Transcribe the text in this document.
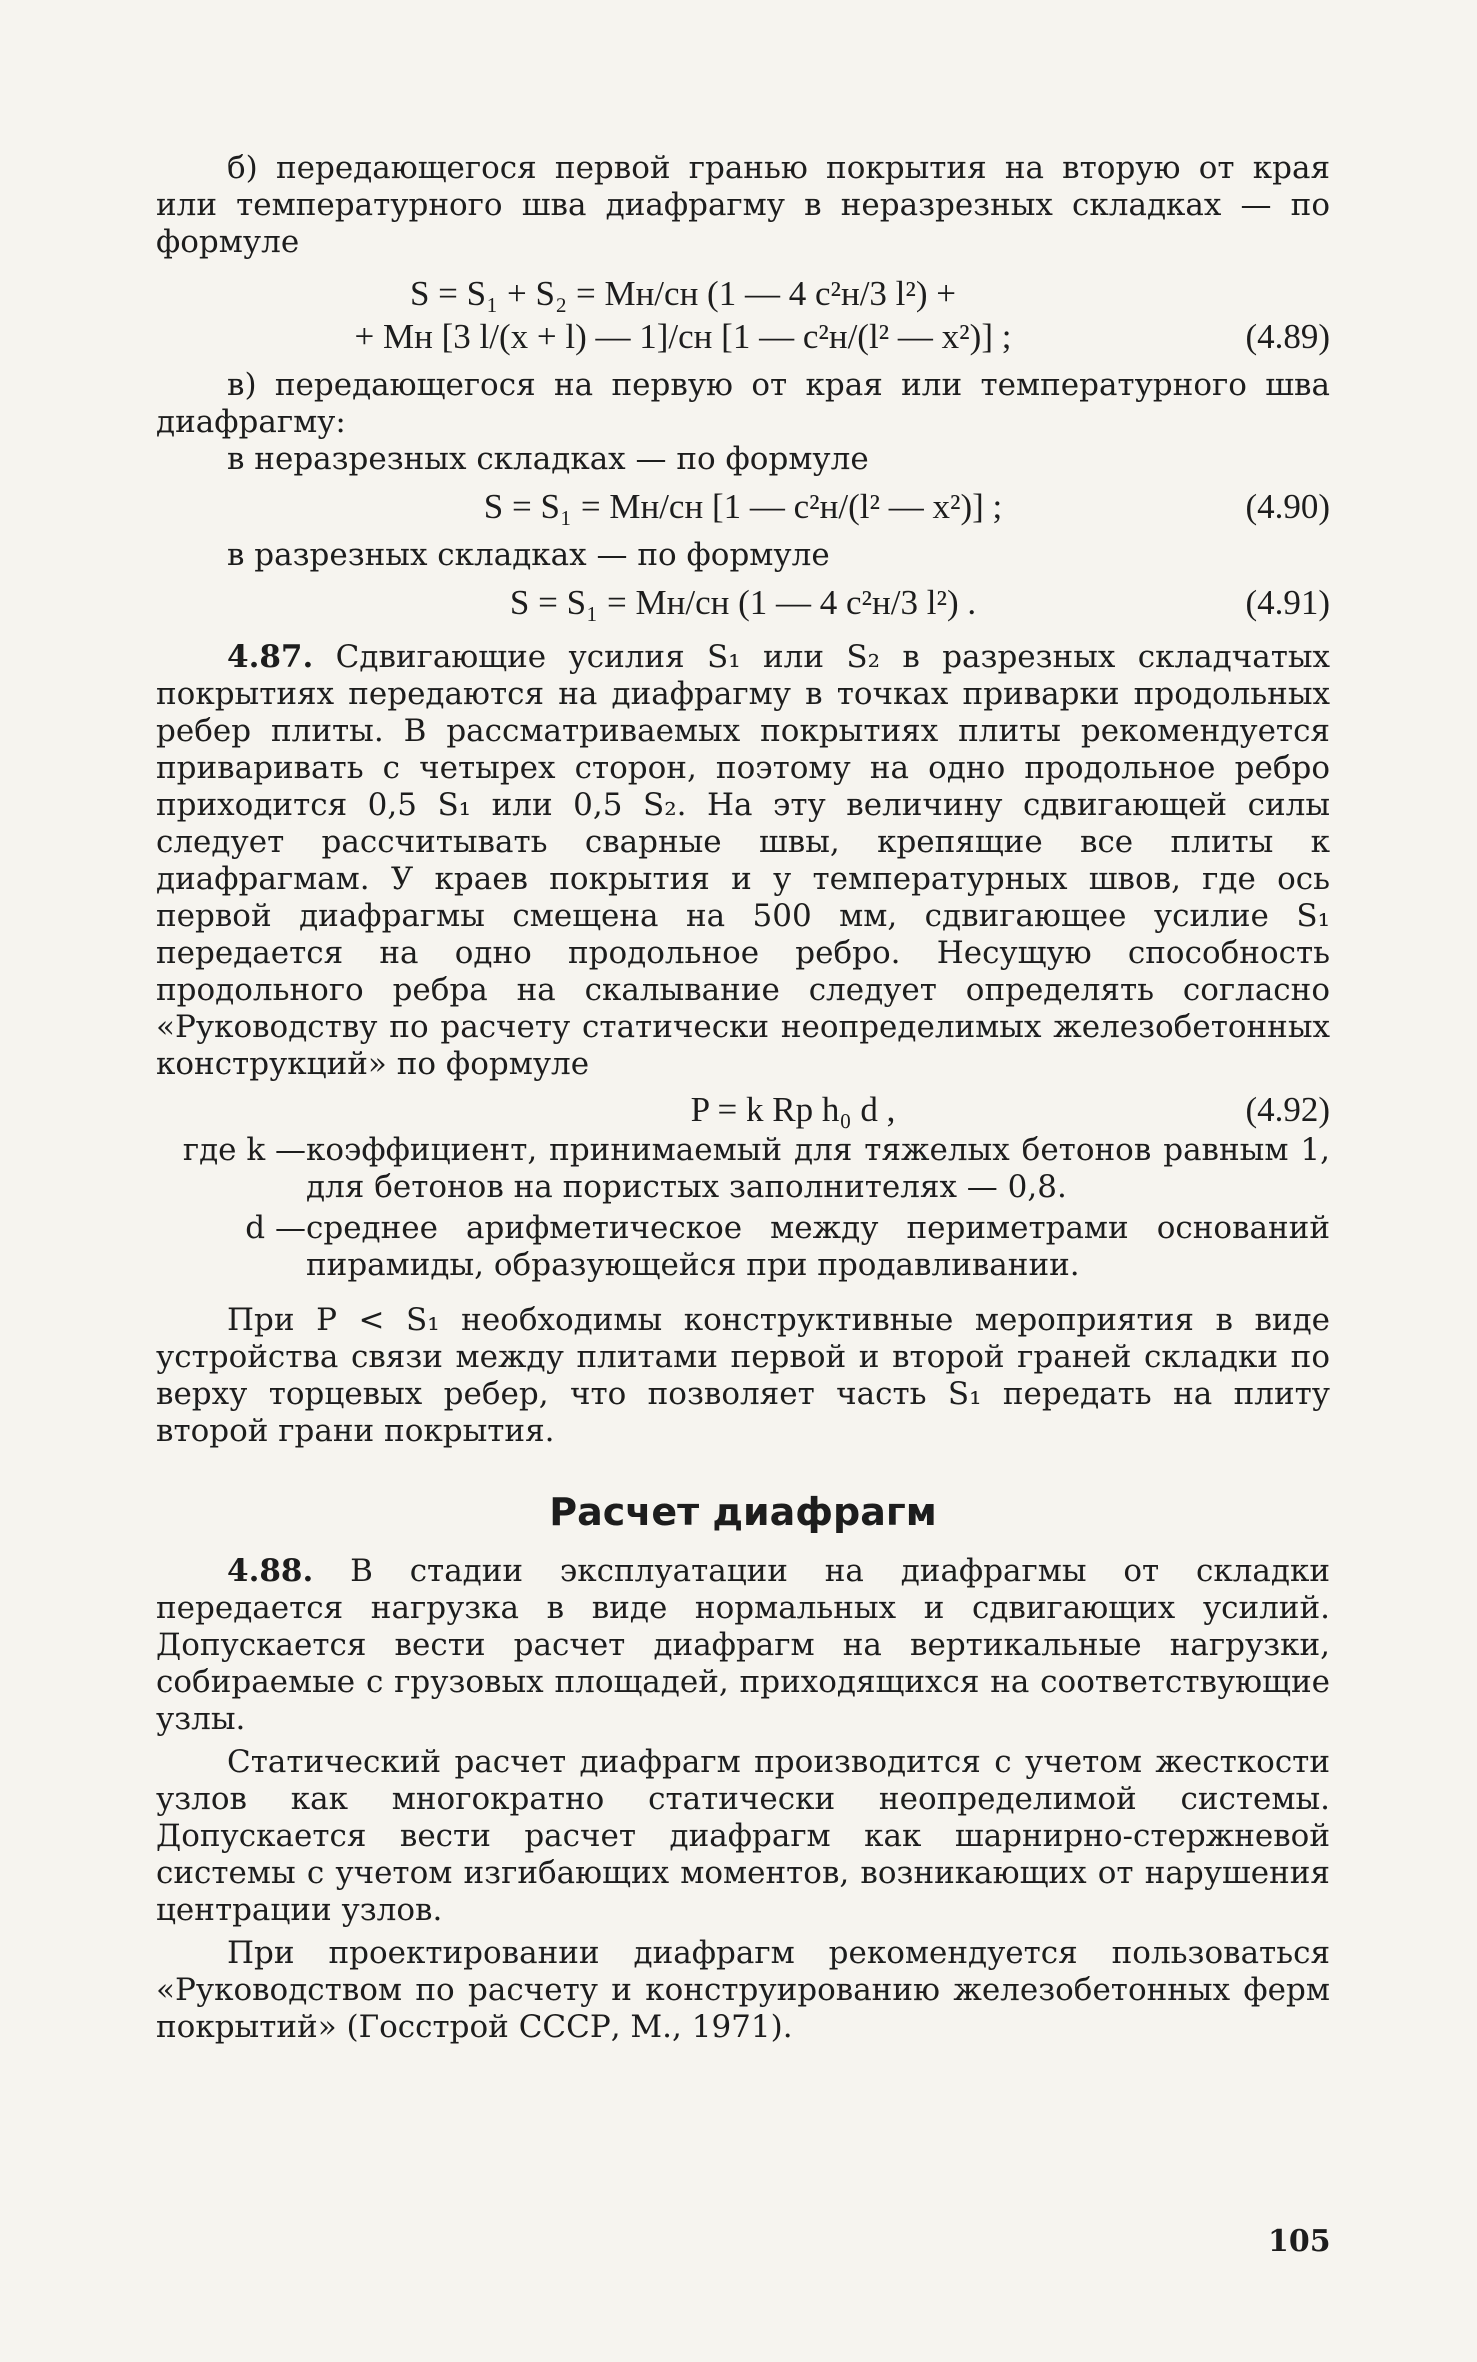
б) передающегося первой гранью покрытия на вторую от края или температурного шва диафрагму в неразрезных складках — по формуле

S = S₁ + S₂ = Mн/cн (1 — 4 c²н/3 l²) +
+ Mн [3 l/(x + l) — 1]/cн [1 — c²н/(l² — x²)] ;	(4.89)

в) передающегося на первую от края или температурного шва диафрагму:

в неразрезных складках — по формуле

S = S₁ = Mн/cн [1 — c²н/(l² — x²)] ;	(4.90)

в разрезных складках — по формуле

S = S₁ = Mн/cн (1 — 4 c²н/3 l²) .	(4.91)

4.87. Сдвигающие усилия S₁ или S₂ в разрезных складчатых покрытиях передаются на диафрагму в точках приварки продольных ребер плиты. В рассматриваемых покрытиях плиты рекомендуется приваривать с четырех сторон, поэтому на одно продольное ребро приходится 0,5 S₁ или 0,5 S₂. На эту величину сдвигающей силы следует рассчитывать сварные швы, крепящие все плиты к диафрагмам. У краев покрытия и у температурных швов, где ось первой диафрагмы смещена на 500 мм, сдвигающее усилие S₁ передается на одно продольное ребро. Несущую способность продольного ребра на скалывание следует определять согласно «Руководству по расчету статически неопределимых железобетонных конструкций» по формуле

P = k Rp h₀ d ,	(4.92)
где k — коэффициент, принимаемый для тяжелых бетонов равным 1, для бетонов на пористых заполнителях — 0,8.
d — среднее арифметическое между периметрами оснований пирамиды, образующейся при продавливании.

При P < S₁ необходимы конструктивные мероприятия в виде устройства связи между плитами первой и второй граней складки по верху торцевых ребер, что позволяет часть S₁ передать на плиту второй грани покрытия.

Расчет диафрагм

4.88. В стадии эксплуатации на диафрагмы от складки передается нагрузка в виде нормальных и сдвигающих усилий. Допускается вести расчет диафрагм на вертикальные нагрузки, собираемые с грузовых площадей, приходящихся на соответствующие узлы.

Статический расчет диафрагм производится с учетом жесткости узлов как многократно статически неопределимой системы. Допускается вести расчет диафрагм как шарнирно-стержневой системы с учетом изгибающих моментов, возникающих от нарушения центрации узлов.

При проектировании диафрагм рекомендуется пользоваться «Руководством по расчету и конструированию железобетонных ферм покрытий» (Госстрой СССР, М., 1971).

105
